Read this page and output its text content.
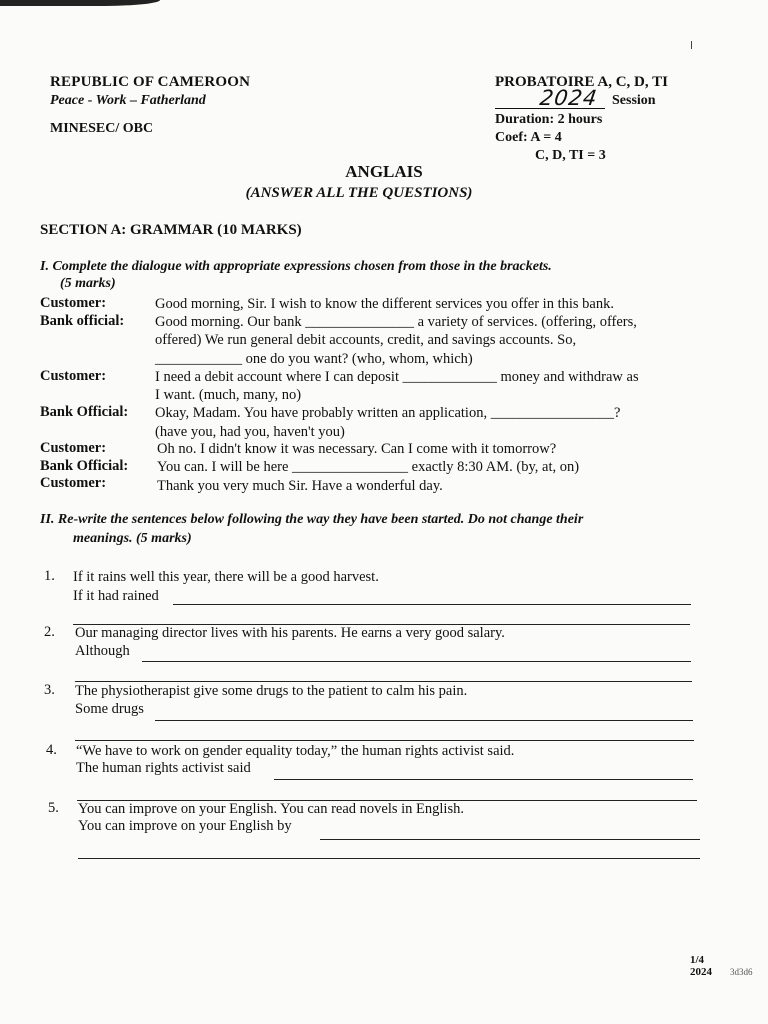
REPUBLIC OF CAMEROON
Peace - Work – Fatherland
MINESEC/ OBC
PROBATOIRE A, C, D, TI
2024 Session
Duration: 2 hours
Coef: A = 4
C, D, TI = 3
ANGLAIS
(ANSWER ALL THE QUESTIONS)
SECTION A: GRAMMAR (10 MARKS)
I. Complete the dialogue with appropriate expressions chosen from those in the brackets.
(5 marks)
Customer:	Good morning, Sir. I wish to know the different services you offer in this bank.
Bank official: Good morning. Our bank _______________ a variety of services. (offering, offers,
offered) We run general debit accounts, credit, and savings accounts. So,
____________ one do you want? (who, whom, which)
Customer:	I need a debit account where I can deposit _____________ money and withdraw as
I want. (much, many, no)
Bank Official: Okay, Madam. You have probably written an application, _________________?
(have you, had you, haven't you)
Customer:	Oh no. I didn't know it was necessary. Can I come with it tomorrow?
Bank Official: You can. I will be here ________________ exactly 8:30 AM. (by, at, on)
Customer:	Thank you very much Sir. Have a wonderful day.
II. Re-write the sentences below following the way they have been started. Do not change their
meanings. (5 marks)
1. If it rains well this year, there will be a good harvest.
If it had rained
2. Our managing director lives with his parents. He earns a very good salary.
Although
3. The physiotherapist give some drugs to the patient to calm his pain.
Some drugs
4. “We have to work on gender equality today,” the human rights activist said.
The human rights activist said
5. You can improve on your English. You can read novels in English.
You can improve on your English by
1/4
2024 3d3d6
